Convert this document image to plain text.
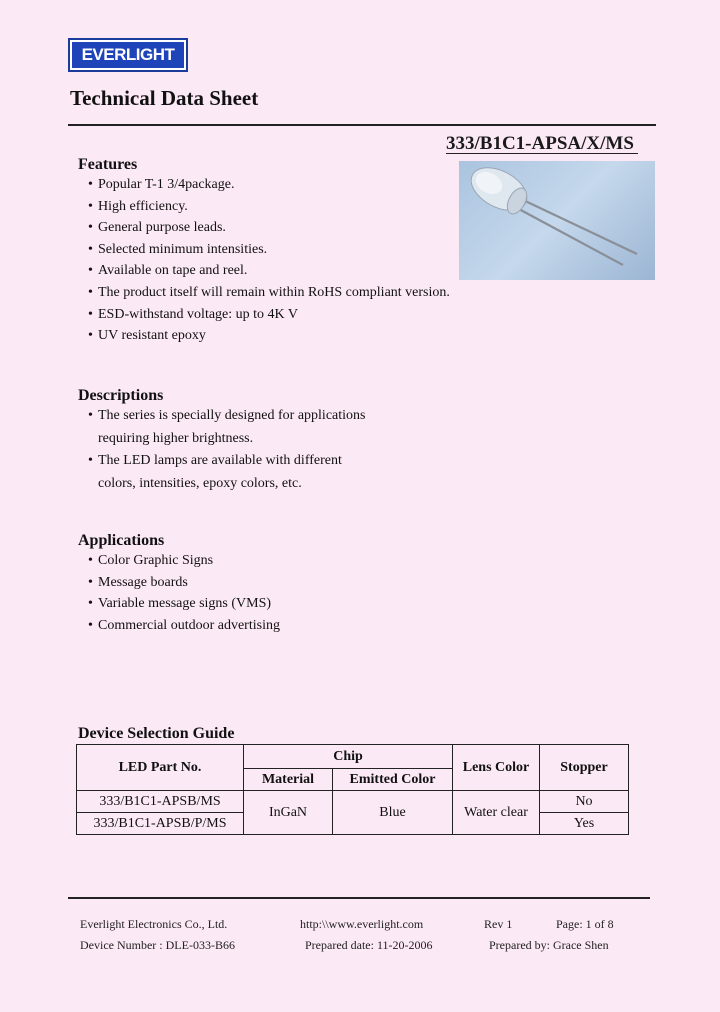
EVERLIGHT
Technical Data Sheet
333/B1C1-APSA/X/MS
Features
• Popular T-1 3/4package.
• High efficiency.
• General purpose leads.
• Selected minimum intensities.
• Available on tape and reel.
• The product itself will remain within RoHS compliant version.
• ESD-withstand voltage: up to 4K V
• UV resistant epoxy
Descriptions
• The series is specially designed for applications
requiring higher brightness.
• The LED lamps are available with different
colors, intensities, epoxy colors, etc.
Applications
• Color Graphic Signs
• Message boards
• Variable message signs (VMS)
• Commercial outdoor advertising
Device Selection Guide
LED Part No.	Chip		Lens Color	Stopper
	Material	Emitted Color		
333/B1C1-APSB/MS	InGaN	Blue	Water clear	No
333/B1C1-APSB/P/MS				Yes
Everlight Electronics Co., Ltd.	http:\\www.everlight.com	Rev 1	Page: 1 of 8
Device Number : DLE-033-B66	Prepared date: 11-20-2006	Prepared by: Grace Shen
